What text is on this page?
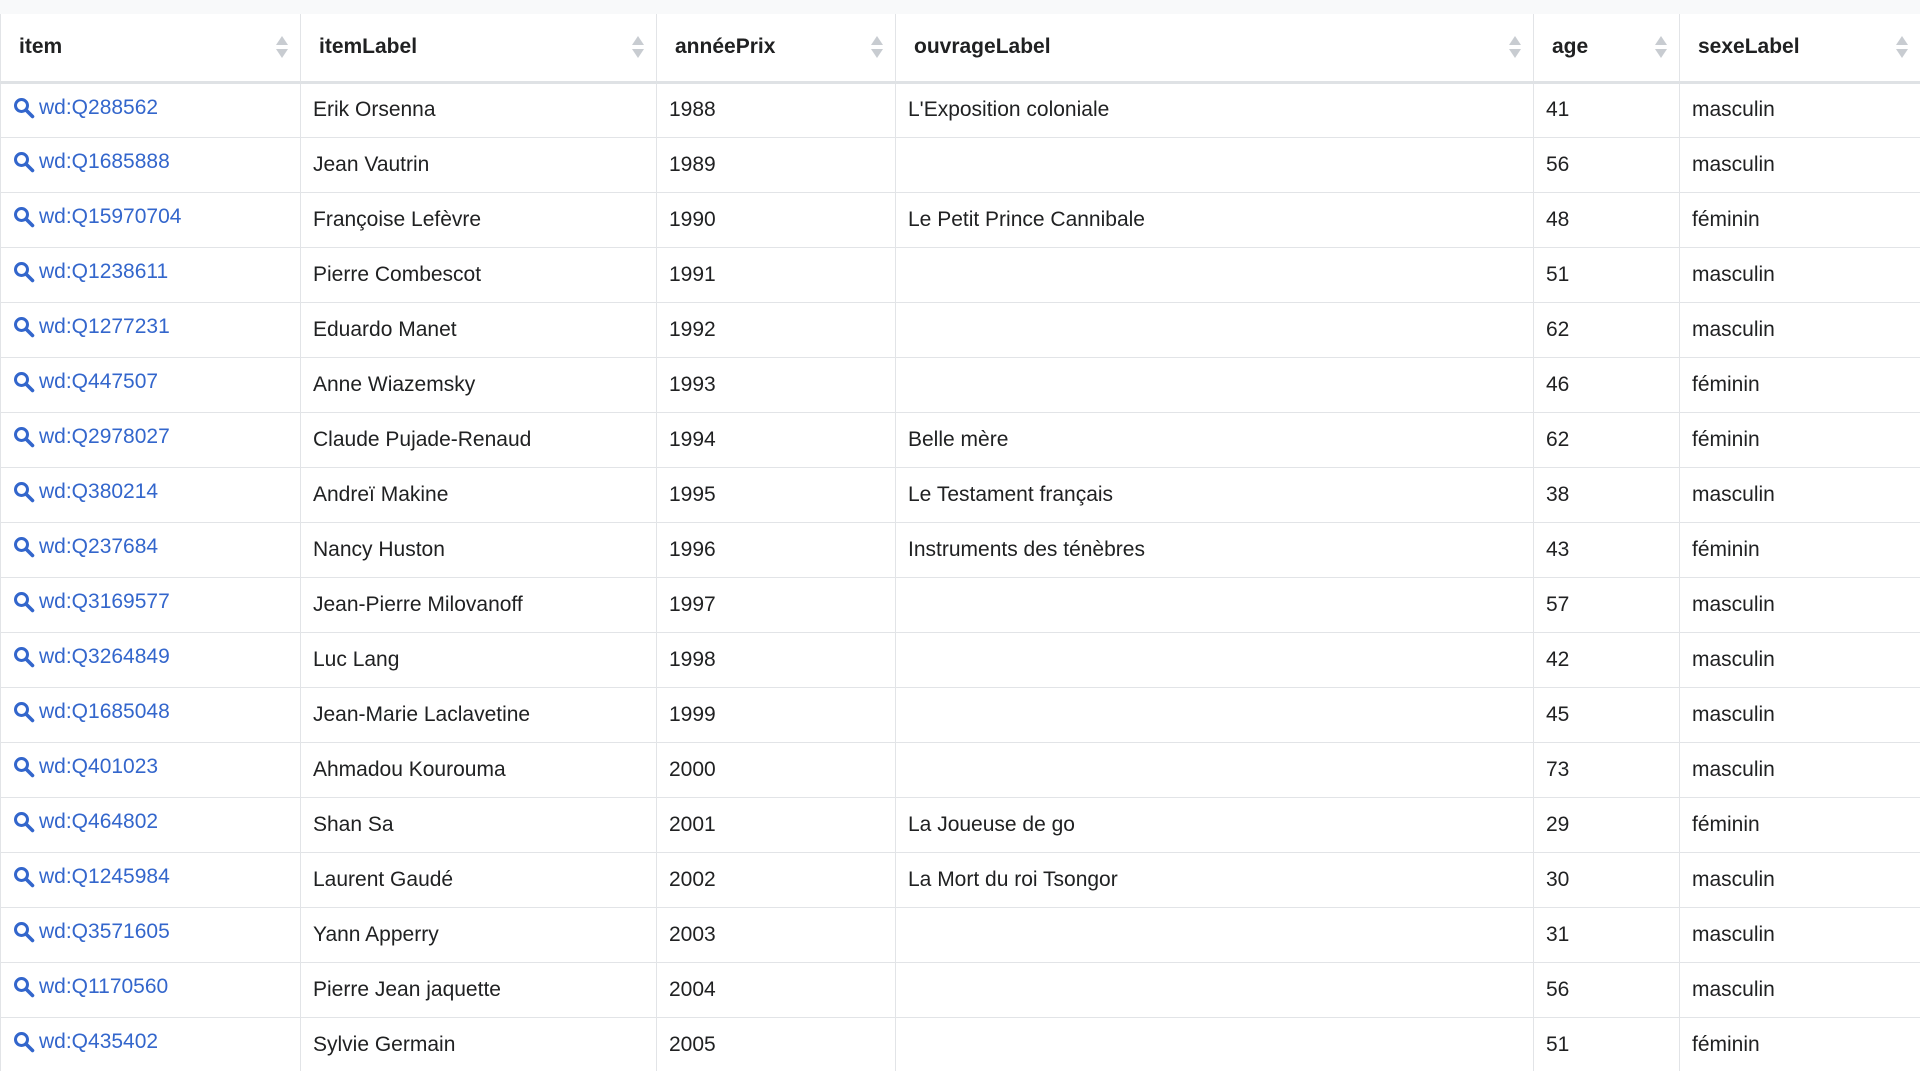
item	itemLabel	annéePrix	ouvrageLabel	age	sexeLabel

wd:Q288562	Erik Orsenna	1988	L'Exposition coloniale	41	masculin

wd:Q1685888	Jean Vautrin	1989		56	masculin

wd:Q15970704	Françoise Lefèvre	1990	Le Petit Prince Cannibale	48	féminin

wd:Q1238611	Pierre Combescot	1991		51	masculin

wd:Q1277231	Eduardo Manet	1992		62	masculin

wd:Q447507	Anne Wiazemsky	1993		46	féminin

wd:Q2978027	Claude Pujade-Renaud	1994	Belle mère	62	féminin

wd:Q380214	Andreï Makine	1995	Le Testament français	38	masculin

wd:Q237684	Nancy Huston	1996	Instruments des ténèbres	43	féminin

wd:Q3169577	Jean-Pierre Milovanoff	1997		57	masculin

wd:Q3264849	Luc Lang	1998		42	masculin

wd:Q1685048	Jean-Marie Laclavetine	1999		45	masculin

wd:Q401023	Ahmadou Kourouma	2000		73	masculin

wd:Q464802	Shan Sa	2001	La Joueuse de go	29	féminin

wd:Q1245984	Laurent Gaudé	2002	La Mort du roi Tsongor	30	masculin

wd:Q3571605	Yann Apperry	2003		31	masculin

wd:Q1170560	Pierre Jean jaquette	2004		56	masculin

wd:Q435402	Sylvie Germain	2005		51	féminin
